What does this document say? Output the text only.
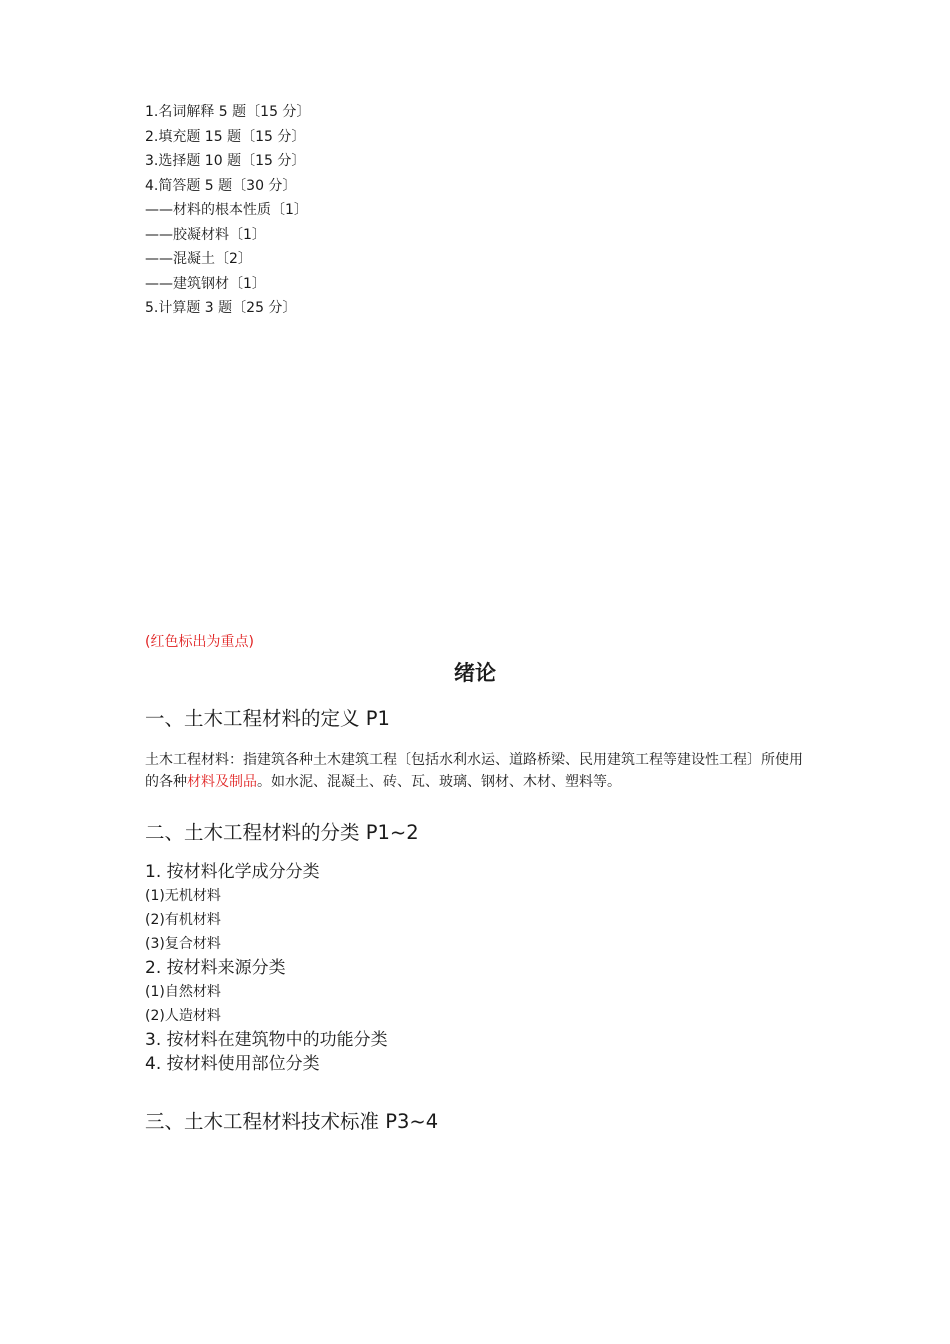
1.名词解释 5 题〔15 分〕
2.填充题 15 题〔15 分〕
3.选择题 10 题〔15 分〕
4.简答题 5 题〔30 分〕
——材料的根本性质〔1〕
——胶凝材料〔1〕
——混凝土〔2〕
——建筑钢材〔1〕
5.计算题 3 题〔25 分〕
(红色标出为重点)
绪论
一、土木工程材料的定义 P1
土木工程材料：指建筑各种土木建筑工程〔包括水利水运、道路桥梁、民用建筑工程等建设性工程〕所使用的各种材料及制品。如水泥、混凝土、砖、瓦、玻璃、钢材、木材、塑料等。
二、土木工程材料的分类 P1~2
1. 按材料化学成分分类
(1)无机材料
(2)有机材料
(3)复合材料
2. 按材料来源分类
(1)自然材料
(2)人造材料
3. 按材料在建筑物中的功能分类
4. 按材料使用部位分类
三、土木工程材料技术标准 P3~4
